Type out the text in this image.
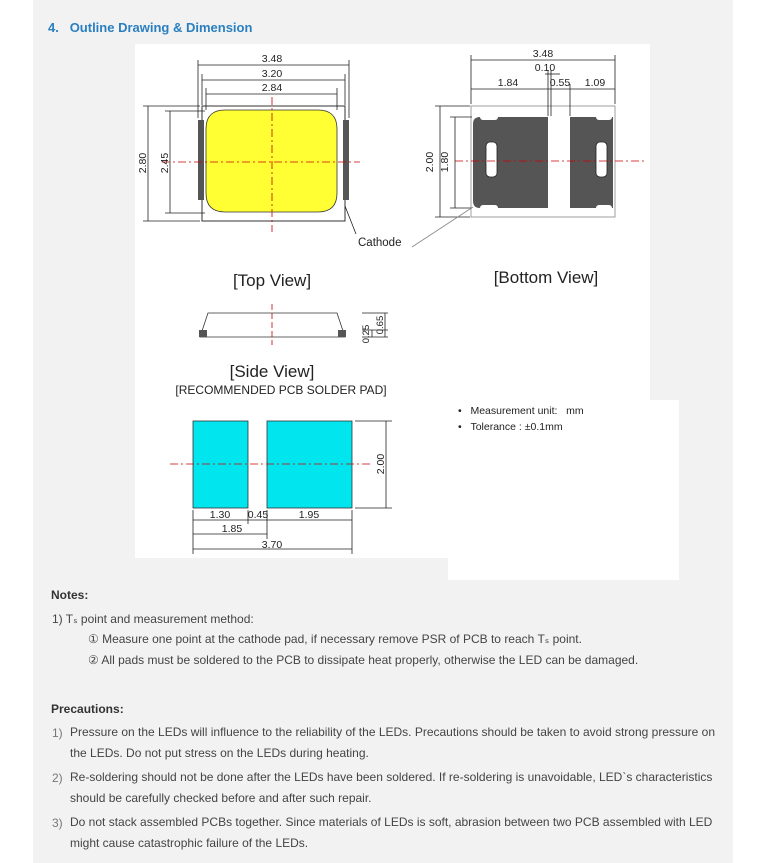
4. Outline Drawing & Dimension
3.48
3.20
2.84
2.80 2.45
3.48
0.10
1.84	0.55 1.09
2.00 1.80
Cathode
[Top View]	[Bottom View]
0.25 0.65
[Side View]
[RECOMMENDED PCB SOLDER PAD]
1.30 0.45	1.95
1.85
3.70
2.00
• Measurement unit:   mm
• Tolerance : ±0.1mm
Notes:
1) Tₛ point and measurement method:
① Measure one point at the cathode pad, if necessary remove PSR of PCB to reach Tₛ point.
② All pads must be soldered to the PCB to dissipate heat properly, otherwise the LED can be damaged.
Precautions:
1) Pressure on the LEDs will influence to the reliability of the LEDs. Precautions should be taken to avoid strong pressure on the LEDs. Do not put stress on the LEDs during heating.
2) Re-soldering should not be done after the LEDs have been soldered. If re-soldering is unavoidable, LED`s characteristics should be carefully checked before and after such repair.
3) Do not stack assembled PCBs together. Since materials of LEDs is soft, abrasion between two PCB assembled with LED might cause catastrophic failure of the LEDs.
